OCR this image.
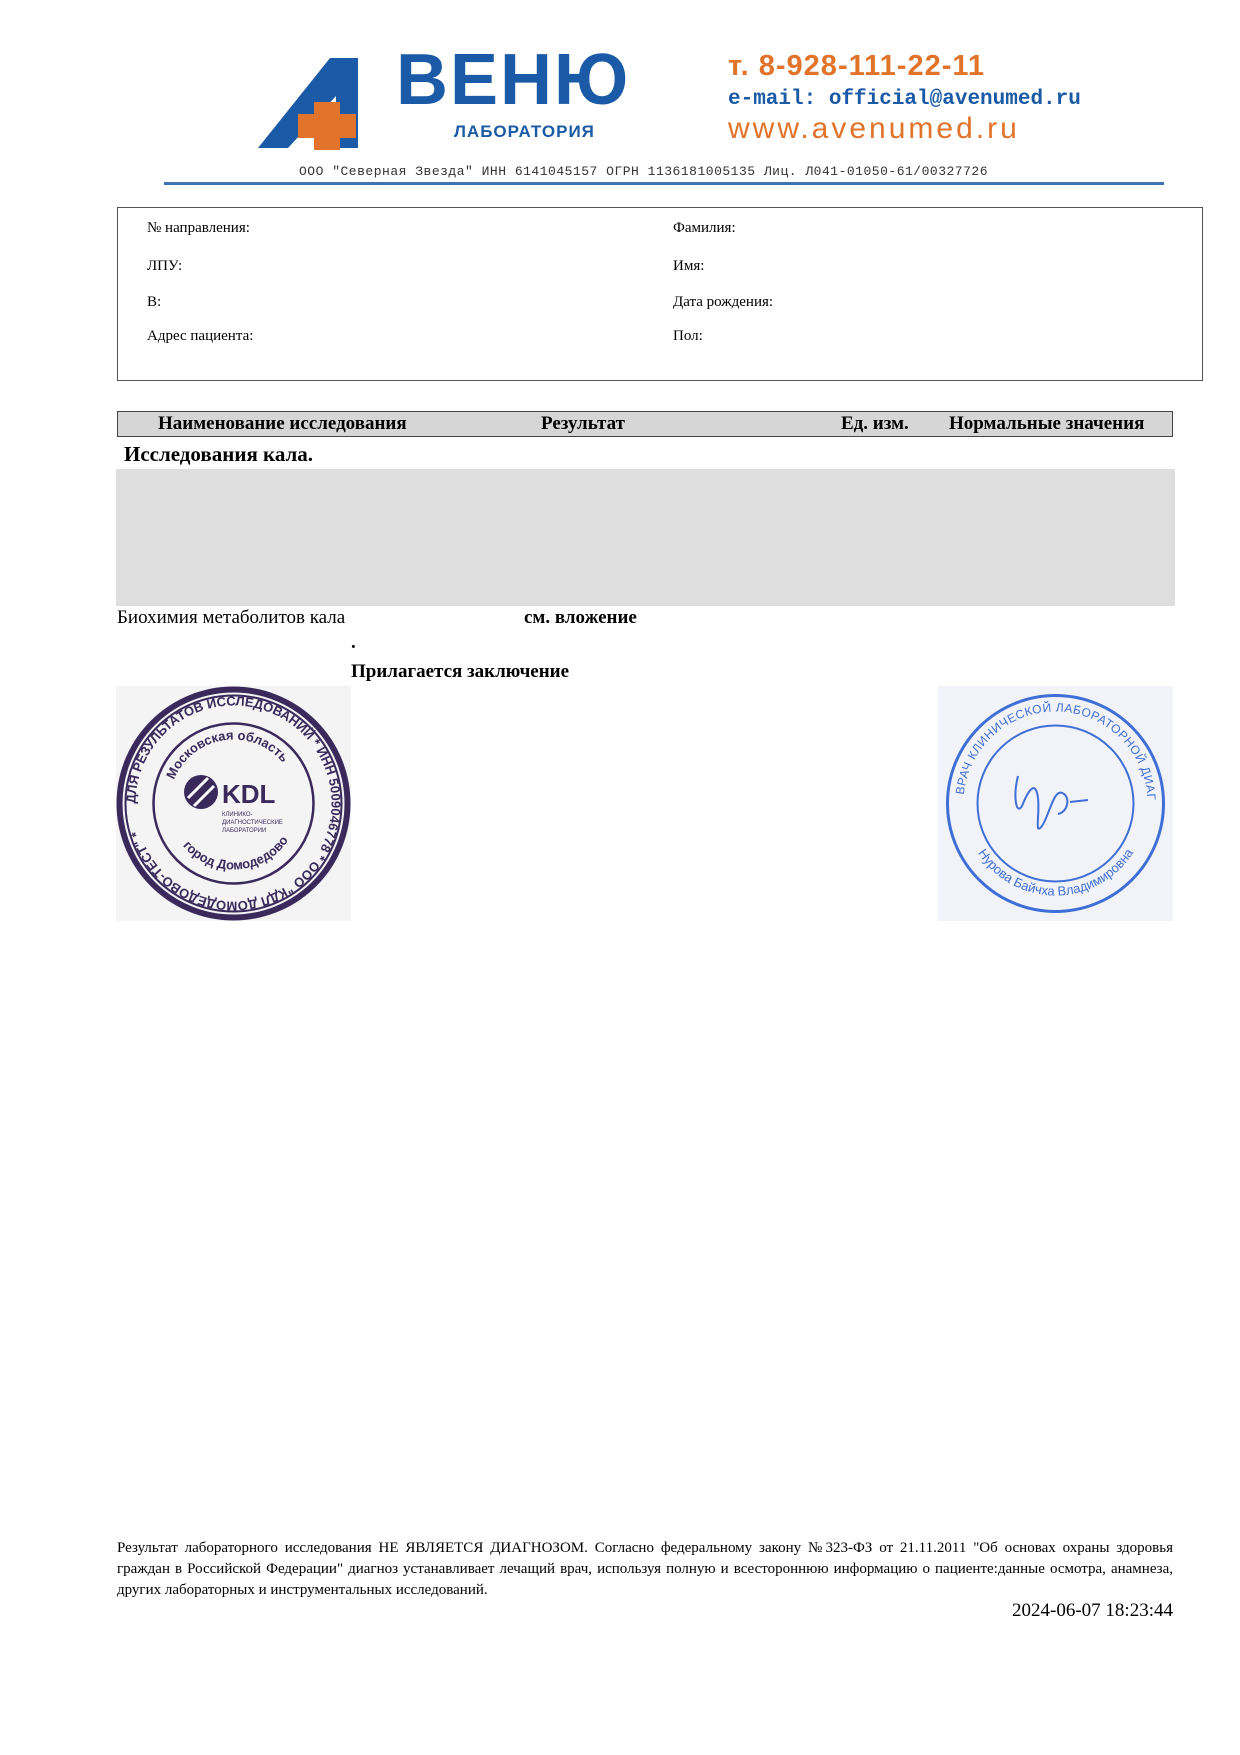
ВЕНЮ
ЛАБОРАТОРИЯ
т. 8-928-111-22-11
e-mail: official@avenumed.ru
www.avenumed.ru
ООО "Северная Звезда" ИНН 6141045157 ОГРН 1136181005135 Лиц. Л041-01050-61/00327726
№ направления:
ЛПУ:
В:
Адрес пациента:
Фамилия:
Имя:
Дата рождения:
Пол:
Наименование исследования	Результат	Ед. изм. Нормальные значения
Исследования кала.
Биохимия метаболитов кала	см. вложение
.
Прилагается заключение
ДЛЯ РЕЗУЛЬТАТОВ ИССЛЕДОВАНИЙ * ИНН 5009046778 * ООО "КДЛ ДОМОДЕДОВО-ТЕСТ" *
Московская область
город Домодедово
KDL
КЛИНИКО-
ДИАГНОСТИЧЕСКИЕ
ЛАБОРАТОРИИ
ВРАЧ КЛИНИЧЕСКОЙ ЛАБОРАТОРНОЙ ДИАГ
Нурова Байчха Владимировна
Результат лабораторного исследования НЕ ЯВЛЯЕТСЯ ДИАГНОЗОМ. Согласно федеральному закону №323-ФЗ от 21.11.2011 "Об основах охраны здоровья граждан в Российской Федерации" диагноз устанавливает лечащий врач, используя полную и всестороннюю информацию о пациенте:данные осмотра, анамнеза, других лабораторных и инструментальных исследований.
2024-06-07 18:23:44
